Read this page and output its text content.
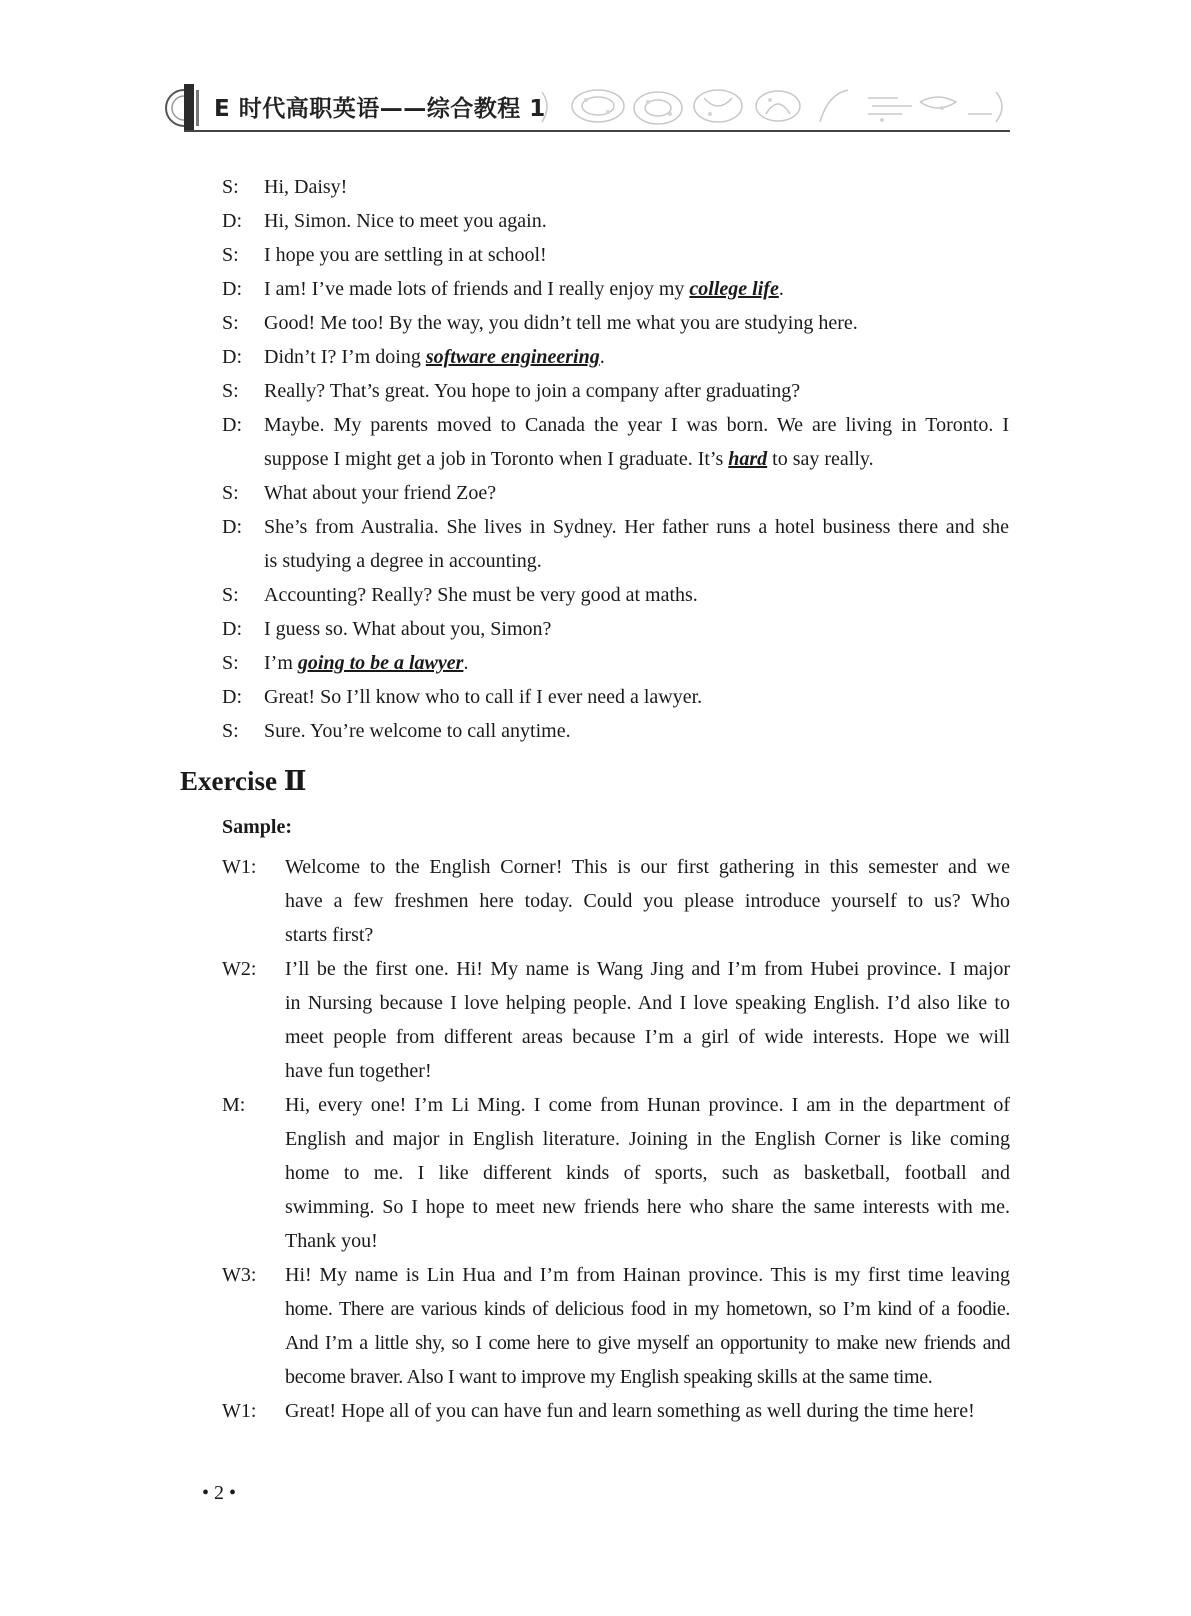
E 时代高职英语——综合教程 1
S: Hi, Daisy!
D: Hi, Simon. Nice to meet you again.
S: I hope you are settling in at school!
D: I am! I’ve made lots of friends and I really enjoy my college life.
S: Good! Me too! By the way, you didn’t tell me what you are studying here.
D: Didn’t I? I’m doing software engineering.
S: Really? That’s great. You hope to join a company after graduating?
D: Maybe. My parents moved to Canada the year I was born. We are living in Toronto. I
suppose I might get a job in Toronto when I graduate. It’s hard to say really.
S: What about your friend Zoe?
D: She’s from Australia. She lives in Sydney. Her father runs a hotel business there and she
is studying a degree in accounting.
S: Accounting? Really? She must be very good at maths.
D: I guess so. What about you, Simon?
S: I’m going to be a lawyer.
D: Great! So I’ll know who to call if I ever need a lawyer.
S: Sure. You’re welcome to call anytime.
Exercise Ⅱ
Sample:
W1: Welcome to the English Corner! This is our first gathering in this semester and we
have a few freshmen here today. Could you please introduce yourself to us? Who
starts first?
W2: I’ll be the first one. Hi! My name is Wang Jing and I’m from Hubei province. I major
in Nursing because I love helping people. And I love speaking English. I’d also like to
meet people from different areas because I’m a girl of wide interests. Hope we will
have fun together!
M: Hi, every one! I’m Li Ming. I come from Hunan province. I am in the department of
English and major in English literature. Joining in the English Corner is like coming
home to me. I like different kinds of sports, such as basketball, football and
swimming. So I hope to meet new friends here who share the same interests with me.
Thank you!
W3: Hi! My name is Lin Hua and I’m from Hainan province. This is my first time leaving
home. There are various kinds of delicious food in my hometown, so I’m kind of a foodie.
And I’m a little shy, so I come here to give myself an opportunity to make new friends and
become braver. Also I want to improve my English speaking skills at the same time.
W1: Great! Hope all of you can have fun and learn something as well during the time here!
• 2 •
